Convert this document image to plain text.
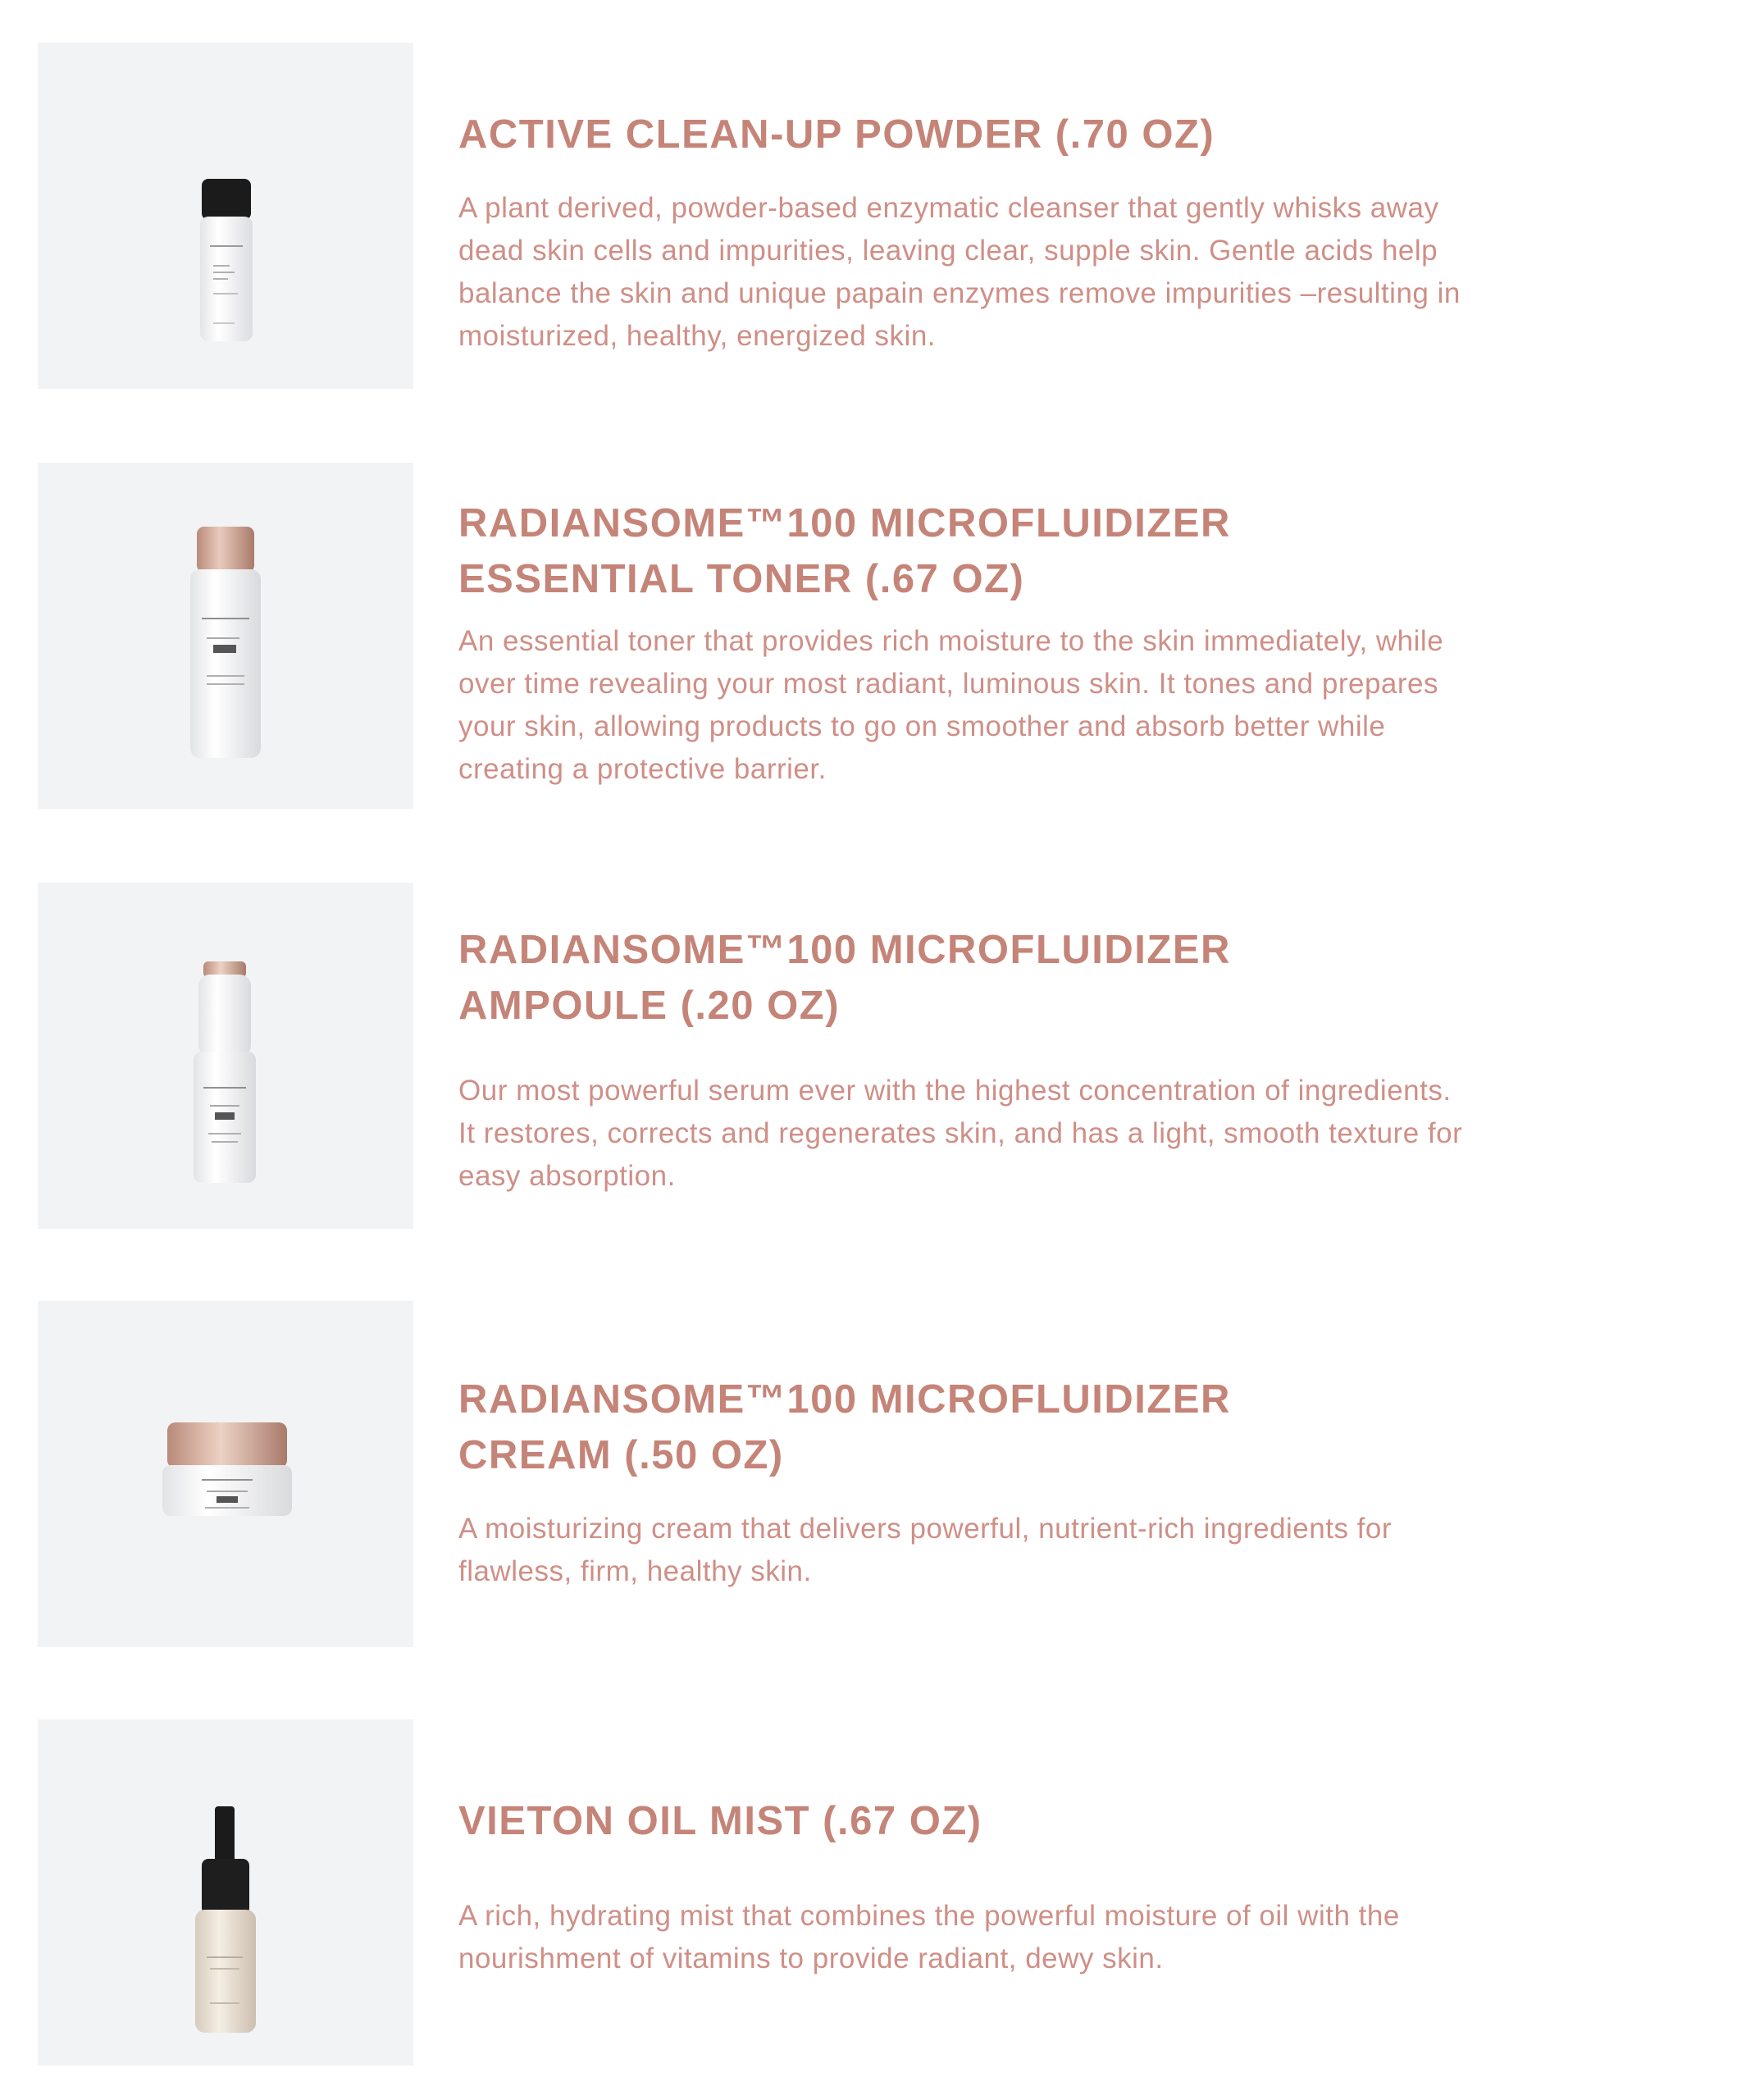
ACTIVE CLEAN-UP POWDER (.70 OZ)

A plant derived, powder-based enzymatic cleanser that gently whisks away dead skin cells and impurities, leaving clear, supple skin. Gentle acids help balance the skin and unique papain enzymes remove impurities –resulting in moisturized, healthy, energized skin.

RADIANSOME™100 MICROFLUIDIZER
ESSENTIAL TONER (.67 OZ)

An essential toner that provides rich moisture to the skin immediately, while over time revealing your most radiant, luminous skin. It tones and prepares your skin, allowing products to go on smoother and absorb better while creating a protective barrier.

RADIANSOME™100 MICROFLUIDIZER
AMPOULE (.20 OZ)

Our most powerful serum ever with the highest concentration of ingredients. It restores, corrects and regenerates skin, and has a light, smooth texture for easy absorption.

RADIANSOME™100 MICROFLUIDIZER
CREAM (.50 OZ)

A moisturizing cream that delivers powerful, nutrient-rich ingredients for flawless, firm, healthy skin.

VIETON OIL MIST (.67 OZ)

A rich, hydrating mist that combines the powerful moisture of oil with the nourishment of vitamins to provide radiant, dewy skin.
